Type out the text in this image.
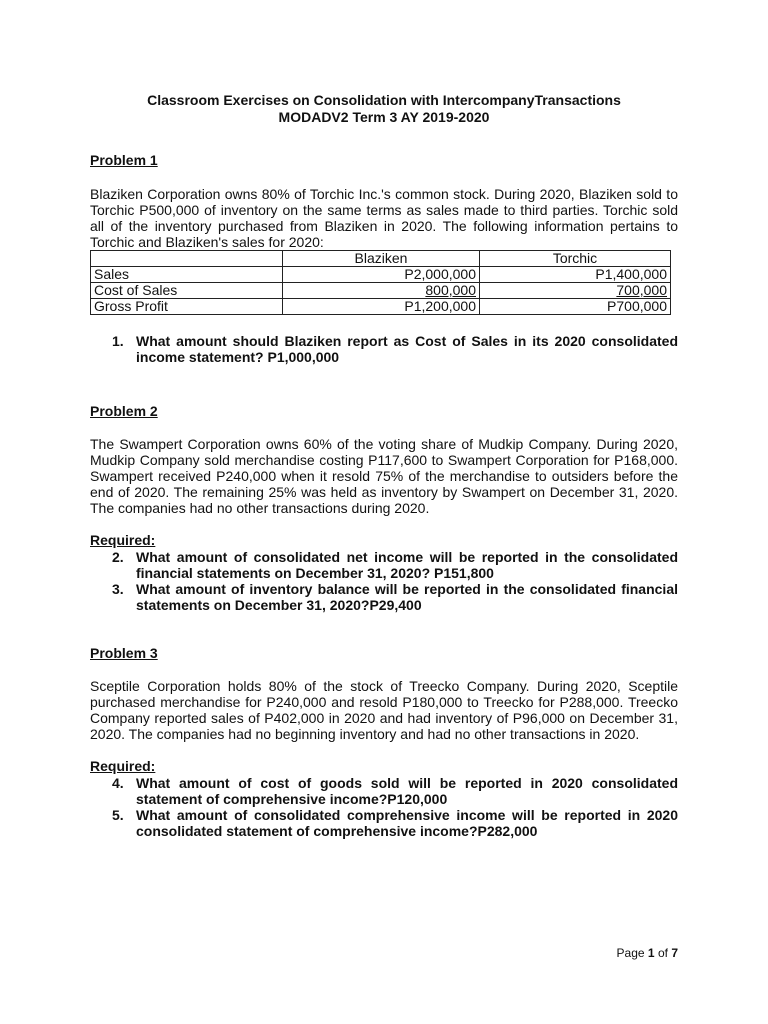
Classroom Exercises on Consolidation with IntercompanyTransactions

MODADV2 Term 3 AY 2019-2020

Problem 1

Blaziken Corporation owns 80% of Torchic Inc.'s common stock. During 2020, Blaziken sold to Torchic P500,000 of inventory on the same terms as sales made to third parties. Torchic sold all of the inventory purchased from Blaziken in 2020. The following information pertains to Torchic and Blaziken's sales for 2020:

	Blaziken	Torchic
Sales	P2,000,000	P1,400,000
Cost of Sales	800,000	700,000
Gross Profit	P1,200,000	P700,000
1. What amount should Blaziken report as Cost of Sales in its 2020 consolidated income statement? P1,000,000

Problem 2

The Swampert Corporation owns 60% of the voting share of Mudkip Company. During 2020, Mudkip Company sold merchandise costing P117,600 to Swampert Corporation for P168,000. Swampert received P240,000 when it resold 75% of the merchandise to outsiders before the end of 2020. The remaining 25% was held as inventory by Swampert on December 31, 2020. The companies had no other transactions during 2020.

Required:

2. What amount of consolidated net income will be reported in the consolidated financial statements on December 31, 2020? P151,800
3. What amount of inventory balance will be reported in the consolidated financial statements on December 31, 2020?P29,400

Problem 3

Sceptile Corporation holds 80% of the stock of Treecko Company. During 2020, Sceptile purchased merchandise for P240,000 and resold P180,000 to Treecko for P288,000. Treecko Company reported sales of P402,000 in 2020 and had inventory of P96,000 on December 31, 2020. The companies had no beginning inventory and had no other transactions in 2020.

Required:

4. What amount of cost of goods sold will be reported in 2020 consolidated statement of comprehensive income?P120,000
5. What amount of consolidated comprehensive income will be reported in 2020 consolidated statement of comprehensive income?P282,000
Page 1 of 7
